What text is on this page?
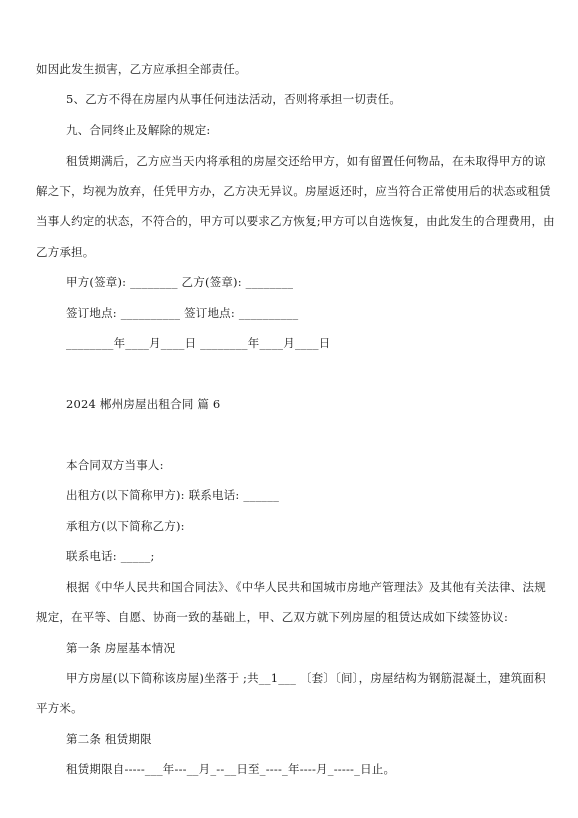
如因此发生损害，乙方应承担全部责任。
5、乙方不得在房屋内从事任何违法活动，否则将承担一切责任。
九、合同终止及解除的规定:
租赁期满后，乙方应当天内将承租的房屋交还给甲方，如有留置任何物品，在未取得甲方的谅
解之下，均视为放弃，任凭甲方办，乙方决无异议。房屋返还时，应当符合正常使用后的状态或租赁
当事人约定的状态，不符合的，甲方可以要求乙方恢复;甲方可以自选恢复，由此发生的合理费用，由
乙方承担。
甲方(签章): ________ 乙方(签章): ________
签订地点: __________ 签订地点: __________
________年____月____日 ________年____月____日
2024 郴州房屋出租合同 篇 6
本合同双方当事人:
出租方(以下简称甲方): 联系电话: ______
承租方(以下简称乙方):
联系电话: _____;
根据《中华人民共和国合同法》、《中华人民共和国城市房地产管理法》及其他有关法律、法规
规定，在平等、自愿、协商一致的基础上，甲、乙双方就下列房屋的租赁达成如下续签协议:
第一条 房屋基本情况
甲方房屋(以下简称该房屋)坐落于 ;共__1___ 〔套〕〔间〕，房屋结构为钢筋混凝土，建筑面积
平方米。
第二条 租赁期限
租赁期限自-----___年---__月_--__日至_----_年----月_-----_日止。
